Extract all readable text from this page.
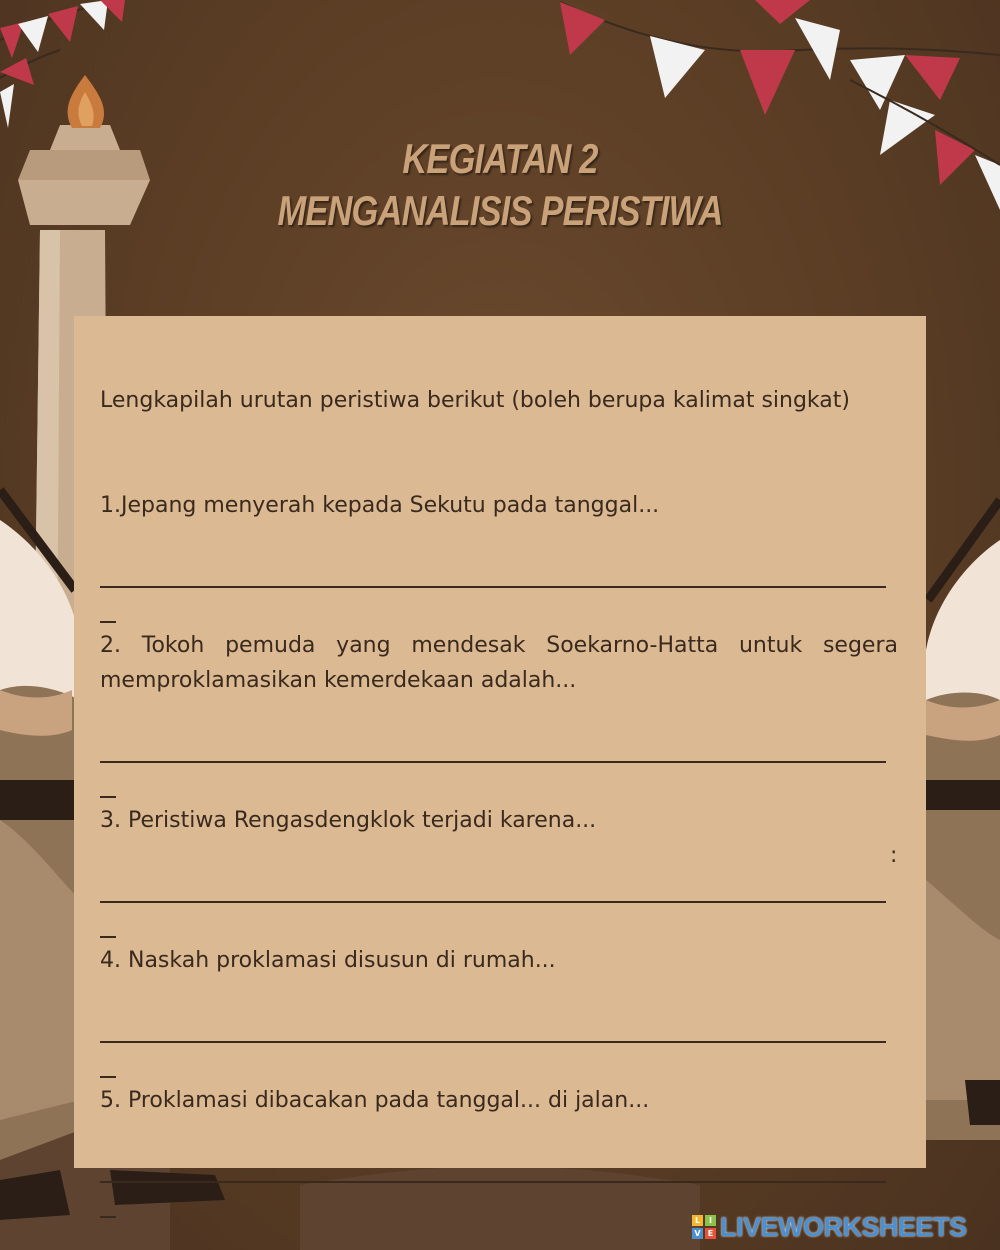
KEGIATAN 2
MENGANALISIS PERISTIWA
Lengkapilah urutan peristiwa berikut (boleh berupa kalimat singkat)
1.Jepang menyerah kepada Sekutu pada tanggal...
2. Tokoh pemuda yang mendesak Soekarno-Hatta untuk segera memproklamasikan kemerdekaan adalah...
3. Peristiwa Rengasdengklok terjadi karena...
:
4. Naskah proklamasi disusun di rumah...
5. Proklamasi dibacakan pada tanggal... di jalan...
L	I
V E LIVEWORKSHEETS
